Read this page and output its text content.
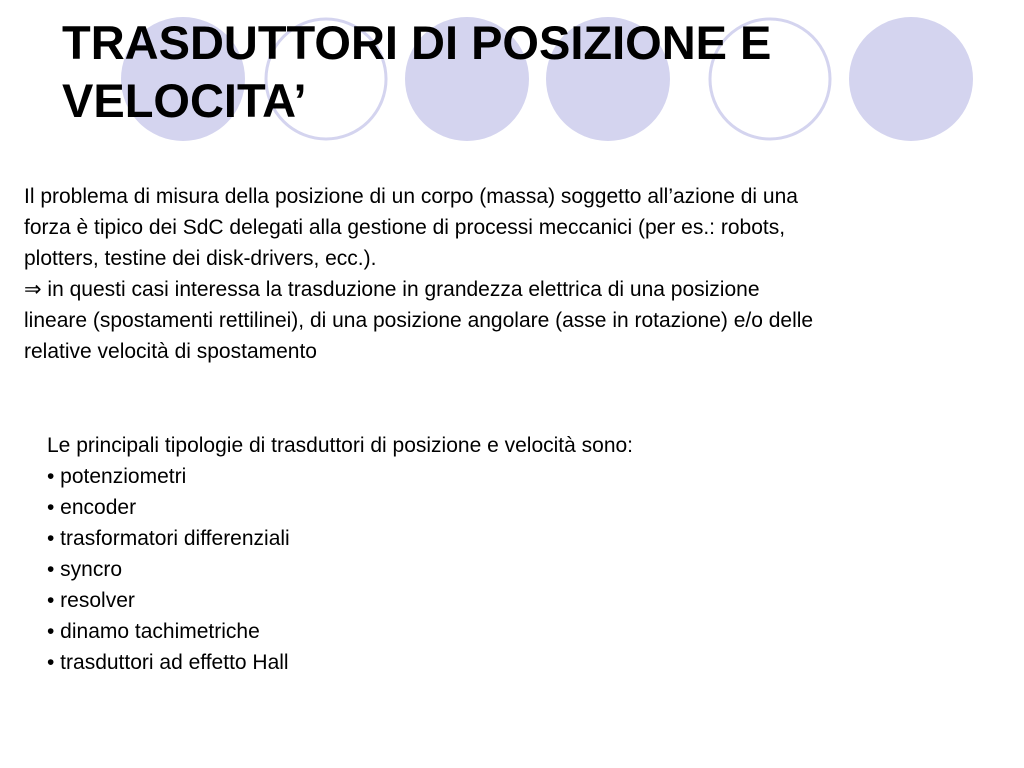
TRASDUTTORI DI POSIZIONE E
VELOCITA’
Il problema di misura della posizione di un corpo (massa) soggetto all’azione di una
forza è tipico dei SdC delegati alla gestione di processi meccanici (per es.: robots,
plotters, testine dei disk-drivers, ecc.).
⇒ in questi casi interessa la trasduzione in grandezza elettrica di una posizione
lineare (spostamenti rettilinei), di una posizione angolare (asse in rotazione) e/o delle
relative velocità di spostamento
Le principali tipologie di trasduttori di posizione e velocità sono:
• potenziometri
• encoder
• trasformatori differenziali
• syncro
• resolver
• dinamo tachimetriche
• trasduttori ad effetto Hall
